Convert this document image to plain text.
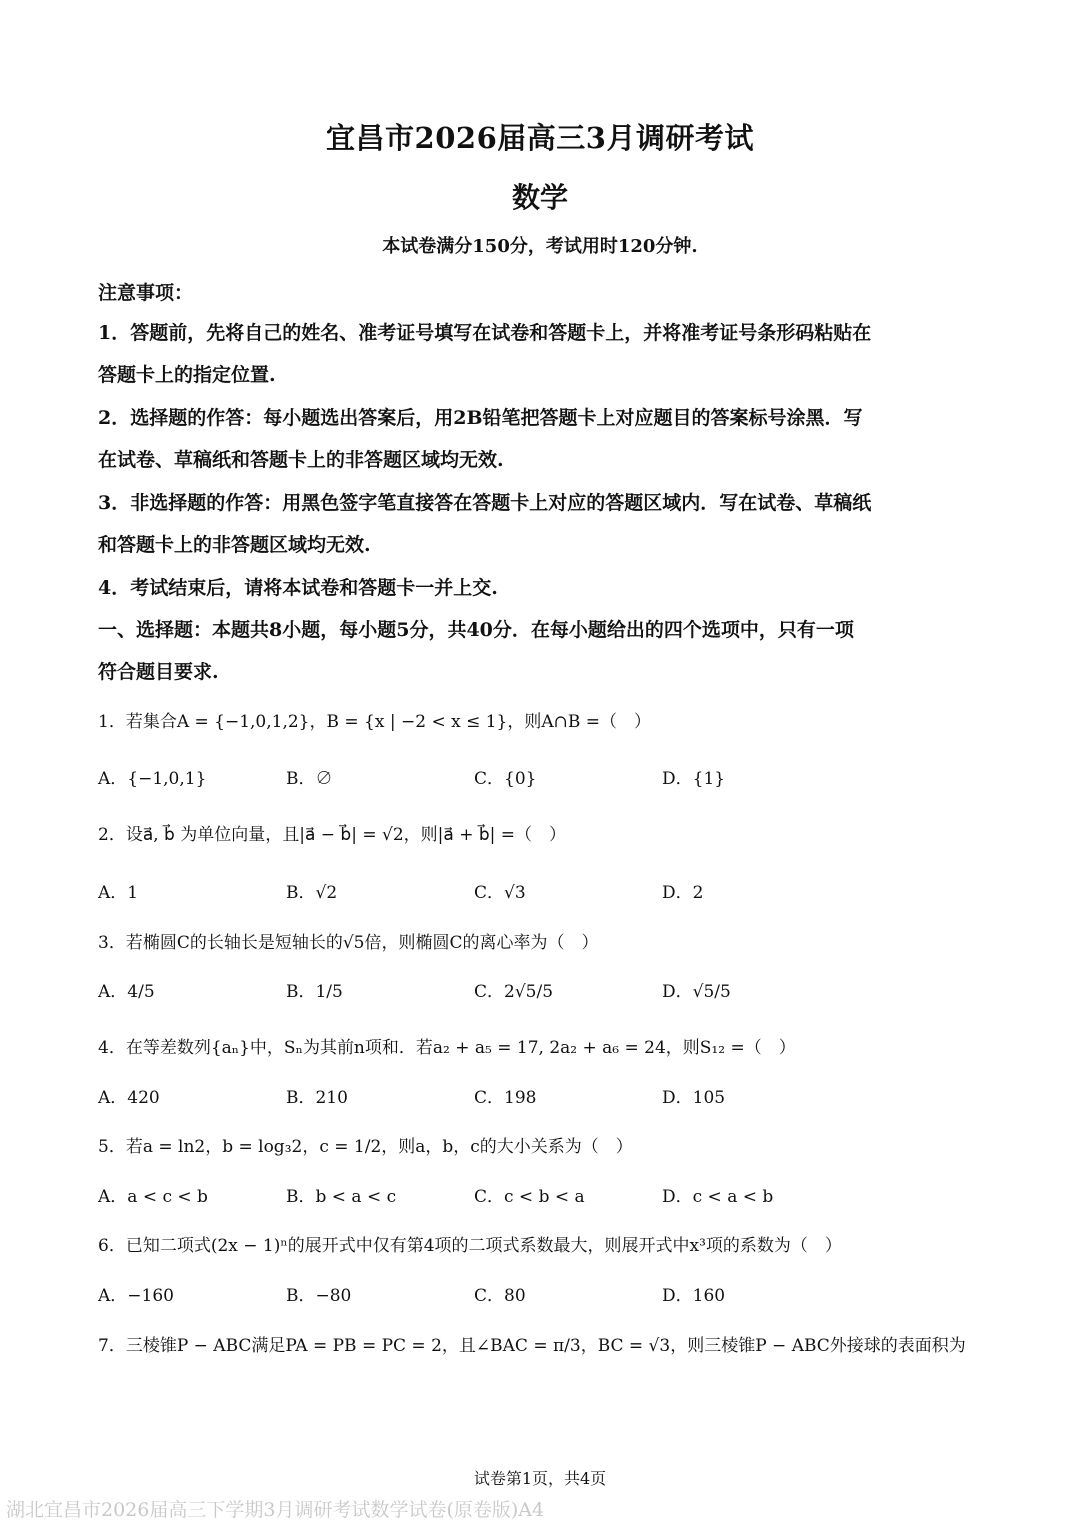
宜昌市2026届高三3月调研考试
数学
本试卷满分150分，考试用时120分钟.
注意事项：
1．答题前，先将自己的姓名、准考证号填写在试卷和答题卡上，并将准考证号条形码粘贴在
答题卡上的指定位置.
2．选择题的作答：每小题选出答案后，用2B铅笔把答题卡上对应题目的答案标号涂黑．写
在试卷、草稿纸和答题卡上的非答题区域均无效.
3．非选择题的作答：用黑色签字笔直接答在答题卡上对应的答题区域内．写在试卷、草稿纸
和答题卡上的非答题区域均无效.
4．考试结束后，请将本试卷和答题卡一并上交.
一、选择题：本题共8小题，每小题5分，共40分．在每小题给出的四个选项中，只有一项
符合题目要求.
1．若集合A = {−1,0,1,2}，B = {x | −2 < x ≤ 1}，则A∩B =（　）
A．{−1,0,1}	B．∅	C．{0}	D．{1}
2．设a⃗, b⃗ 为单位向量，且|a⃗ − b⃗| = √2，则|a⃗ + b⃗| =（　）
A．1	B．√2	C．√3	D．2
3．若椭圆C的长轴长是短轴长的√5倍，则椭圆C的离心率为（　）
A．4/5	B．1/5	C．2√5/5	D．√5/5
4．在等差数列{aₙ}中，Sₙ为其前n项和．若a₂ + a₅ = 17, 2a₂ + a₆ = 24，则S₁₂ =（　）
A．420	B．210	C．198	D．105
5．若a = ln2，b = log₃2，c = 1/2，则a，b，c的大小关系为（　）
A．a < c < b	B．b < a < c	C．c < b < a	D．c < a < b
6．已知二项式(2x − 1)ⁿ的展开式中仅有第4项的二项式系数最大，则展开式中x³项的系数为（　）
A．−160	B．−80	C．80	D．160
7．三棱锥P − ABC满足PA = PB = PC = 2，且∠BAC = π/3，BC = √3，则三棱锥P − ABC外接球的表面积为
试卷第1页，共4页
湖北宜昌市2026届高三下学期3月调研考试数学试卷(原卷版)A4
